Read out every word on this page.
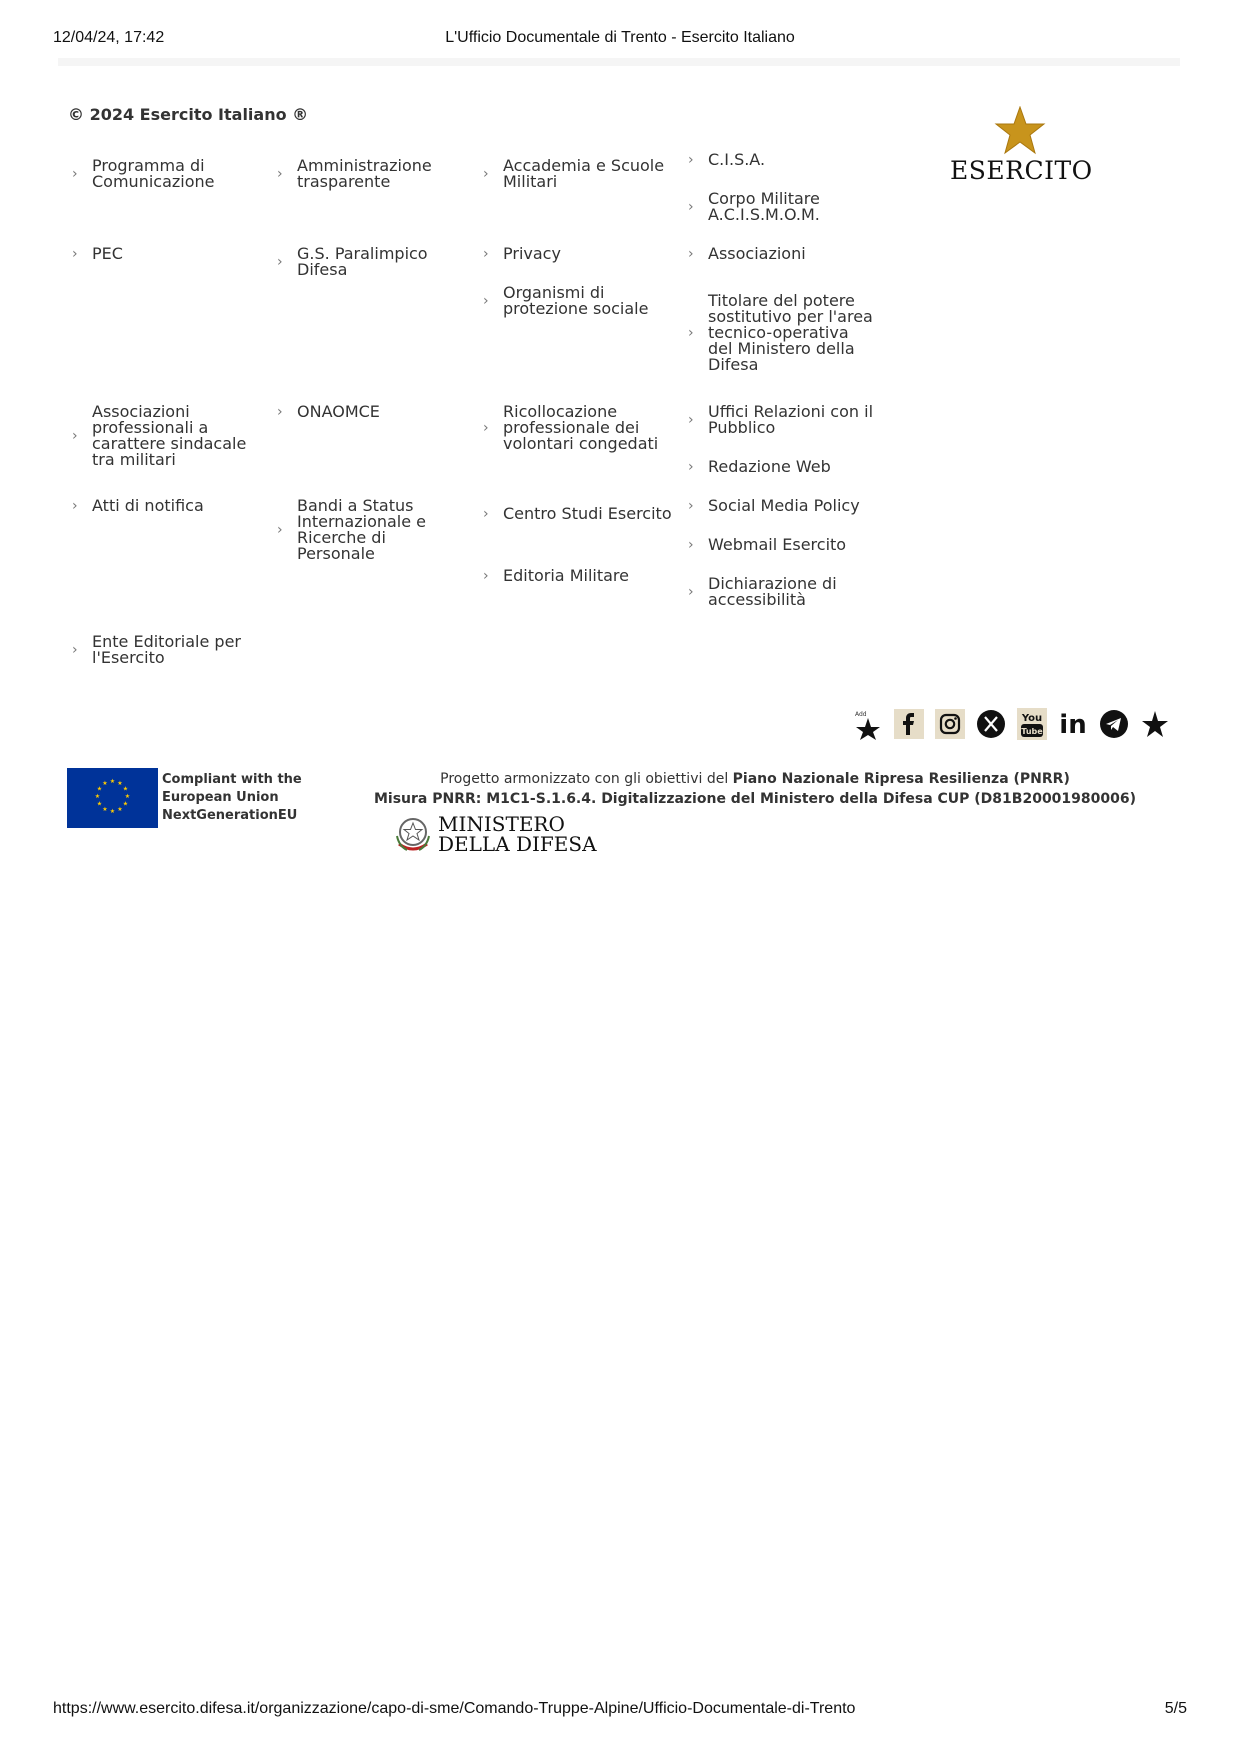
12/04/24, 17:42	L'Ufficio Documentale di Trento - Esercito Italiano
© 2024 Esercito Italiano ®
› Programma di Comunicazione
› PEC
›
Associazioni professionali a carattere sindacale tra militari
› Atti di notifica
› Ente Editoriale per l'Esercito
› Amministrazione trasparente
› G.S. Paralimpico Difesa
› ONAOMCE
›
Bandi a Status Internazionale e Ricerche di Personale
› Accademia e Scuole Militari
› Privacy
› Organismi di protezione sociale
›
Ricollocazione professionale dei volontari congedati
› Centro Studi Esercito
› Editoria Militare
› C.I.S.A.
› Corpo Militare A.C.I.S.M.O.M.
› Associazioni
›
Titolare del potere sostitutivo per l'area tecnico-operativa del Ministero della Difesa
› Uffici Relazioni con il Pubblico
› Redazione Web
› Social Media Policy
› Webmail Esercito
› Dichiarazione di accessibilità
ESERCITO
Add	You
Tube in
★ ★
★
★
★
★
★
★
★
★
★
★	Compliant with the
European Union
NextGenerationEU
Progetto armonizzato con gli obiettivi del Piano Nazionale Ripresa Resilienza (PNRR)
Misura PNRR: M1C1-S.1.6.4. Digitalizzazione del Ministero della Difesa CUP (D81B20001980006)
MINISTERO
DELLA DIFESA
https://www.esercito.difesa.it/organizzazione/capo-di-sme/Comando-Truppe-Alpine/Ufficio-Documentale-di-Trento	5/5
